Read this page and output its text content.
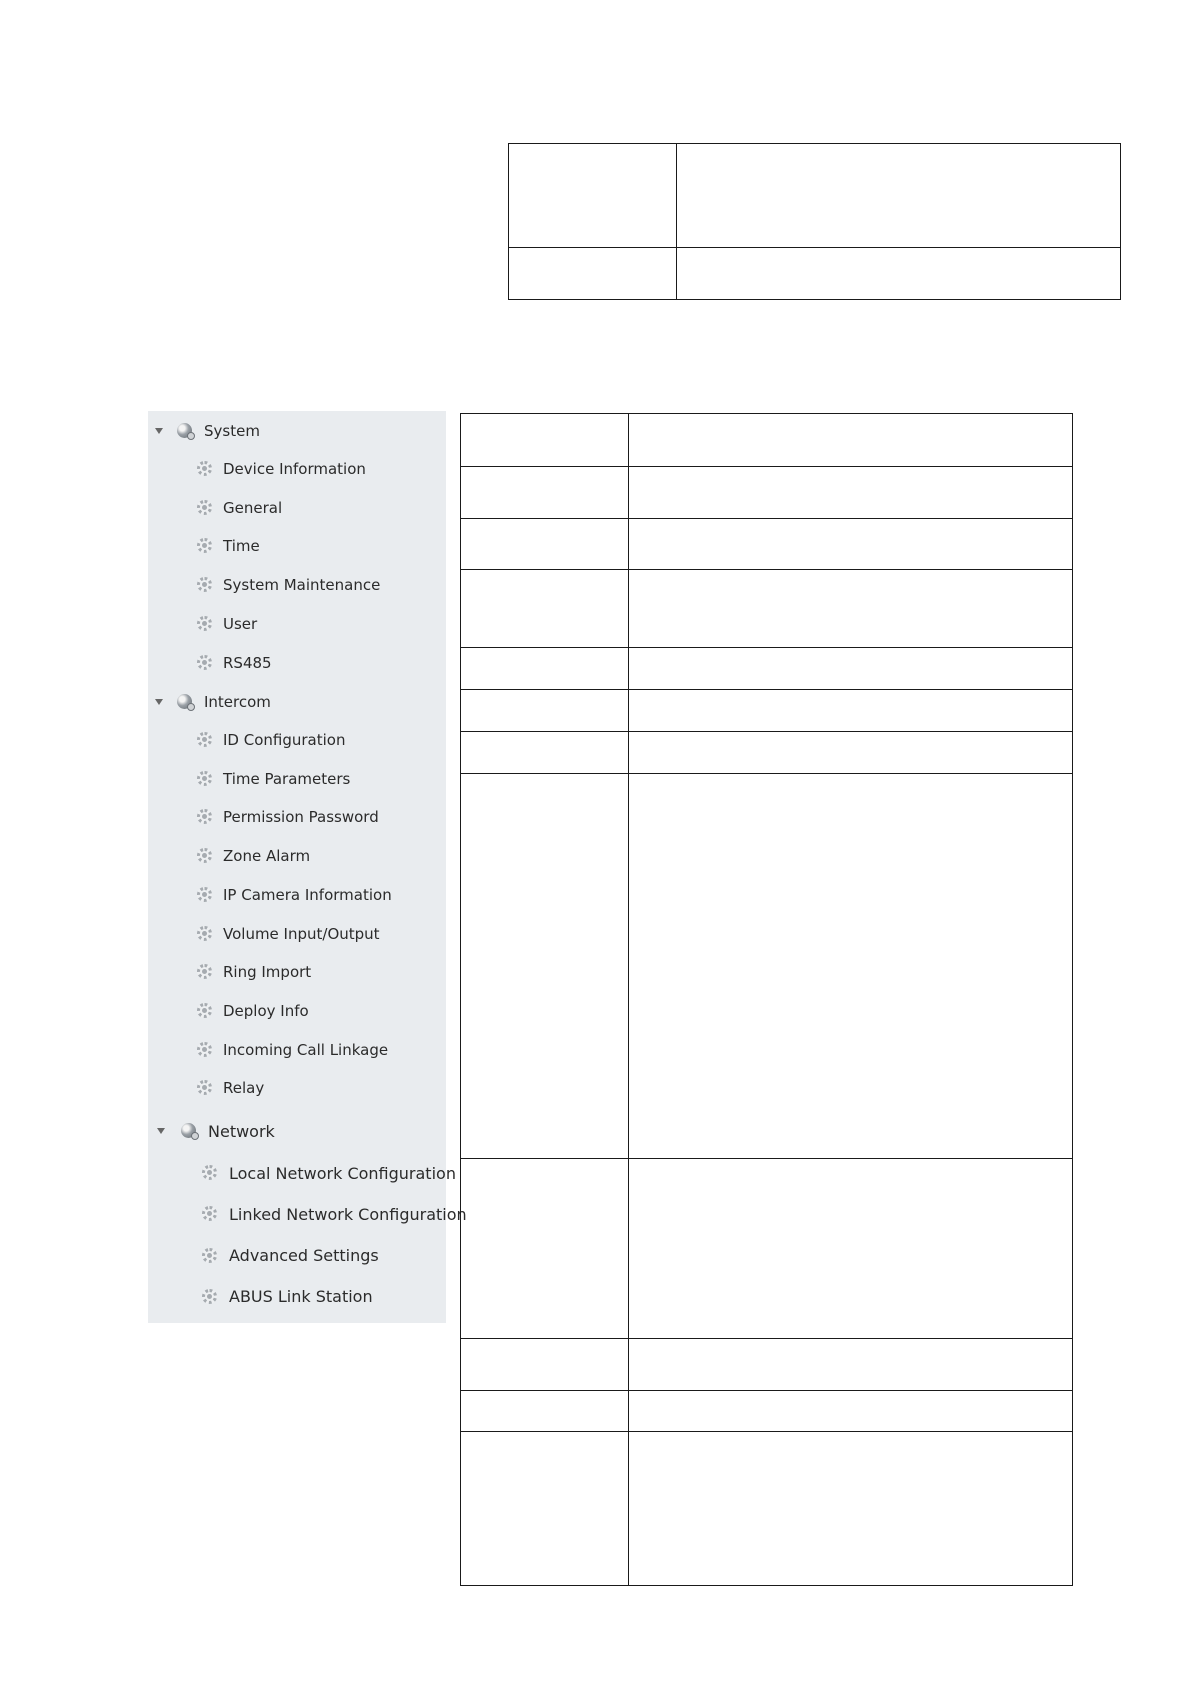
System
Device Information
General
Time
System Maintenance
User
RS485
Intercom
ID Configuration
Time Parameters
Permission Password
Zone Alarm
IP Camera Information
Volume Input/Output
Ring Import
Deploy Info
Incoming Call Linkage
Relay
Network
Local Network Configuration
Linked Network Configuration
Advanced Settings
ABUS Link Station
